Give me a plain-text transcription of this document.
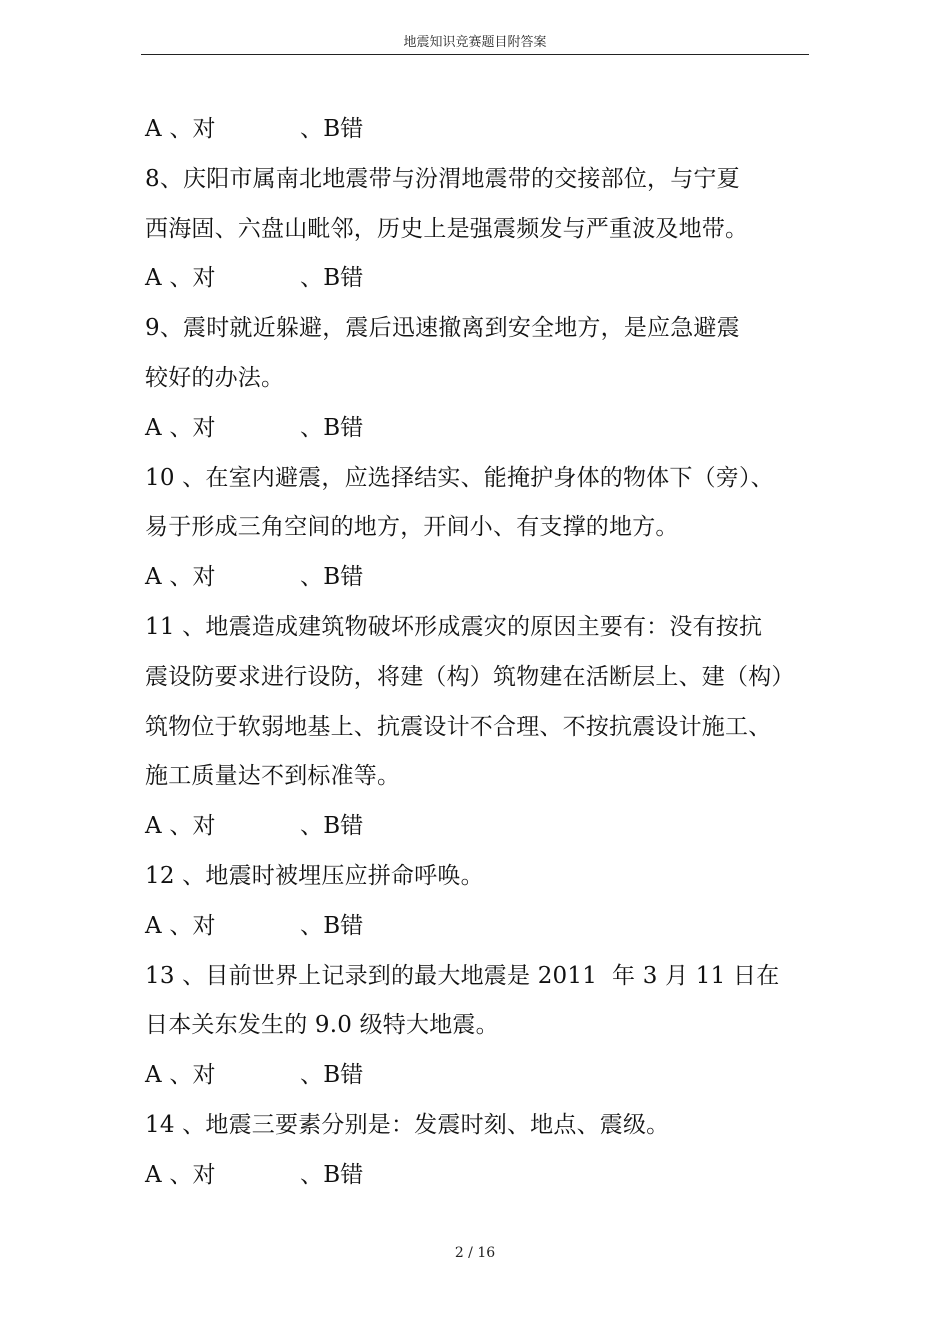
地震知识竞赛题目附答案
A 、对	、B错
8、庆阳市属南北地震带与汾渭地震带的交接部位，与宁夏
西海固、六盘山毗邻，历史上是强震频发与严重波及地带。
A 、对	、B错
9、震时就近躲避，震后迅速撤离到安全地方，是应急避震
较好的办法。
A 、对	、B错
10 、在室内避震，应选择结实、能掩护身体的物体下（旁）、
易于形成三角空间的地方，开间小、有支撑的地方。
A 、对	、B错
11 、地震造成建筑物破坏形成震灾的原因主要有：没有按抗
震设防要求进行设防，将建（构）筑物建在活断层上、建（构）
筑物位于软弱地基上、抗震设计不合理、不按抗震设计施工、
施工质量达不到标准等。
A 、对	、B错
12 、地震时被埋压应拼命呼唤。
A 、对	、B错
13 、目前世界上记录到的最大地震是 2011  年 3 月 11 日在
日本关东发生的 9.0 级特大地震。
A 、对	、B错
14 、地震三要素分别是：发震时刻、地点、震级。
A 、对	、B错
2 / 16
